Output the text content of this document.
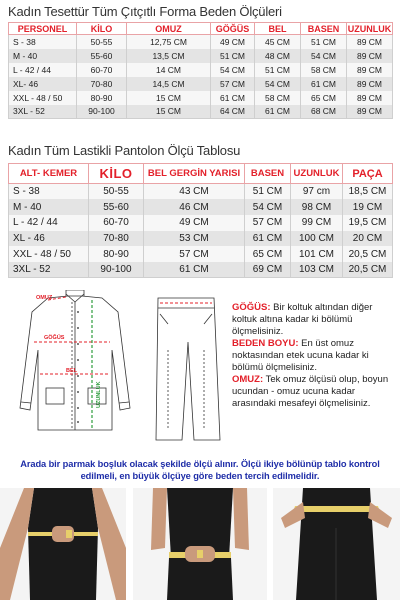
Kadın Tesettür Tüm Çıtçıtlı Forma Beden Ölçüleri
PERSONEL	KİLO	OMUZ	GÖĞÜS	BEL	BASEN	UZUNLUK
S - 38	50-55	12,75 CM	49 CM	45 CM	51 CM	89 CM
M - 40	55-60	13,5 CM	51 CM	48 CM	54 CM	89 CM
L - 42 / 44	60-70	14 CM	54 CM	51 CM	58 CM	89 CM
XL- 46	70-80	14,5 CM	57 CM	54 CM	61 CM	89 CM
XXL - 48 / 50	80-90	15 CM	61 CM	58 CM	65 CM	89 CM
3XL - 52	90-100	15 CM	64 CM	61 CM	68 CM	89 CM
Kadın Tüm Lastikli Pantolon Ölçü Tablosu
ALT- KEMER	KİLO	BEL GERGİN YARISI	BASEN	UZUNLUK	PAÇA
S - 38	50-55	43 CM	51 CM	97 cm	18,5 CM
M - 40	55-60	46 CM	54 CM	98 CM	19 CM
L - 42 / 44	60-70	49 CM	57 CM	99 CM	19,5 CM
XL - 46	70-80	53 CM	61 CM	100 CM	20 CM
XXL - 48 / 50	80-90	57 CM	65 CM	101 CM	20,5 CM
3XL - 52	90-100	61 CM	69 CM	103 CM	20,5 CM
OMUZ
GÖĞÜS
BEL
UZUNLUK

GÖĞÜS: Bir koltuk altından diğer koltuk altına kadar ki bölümü ölçmelisiniz.

BEDEN BOYU: En üst omuz noktasından etek ucuna kadar ki bölümü ölçmelisiniz.

OMUZ: Tek omuz ölçüsü olup, boyun ucundan - omuz ucuna kadar arasındaki mesafeyi ölçmelisiniz.

Arada bir parmak boşluk olacak şekilde ölçü alınır. Ölçü ikiye bölünüp tablo kontrol edilmeli, en büyük ölçüye göre beden tercih edilmelidir.
